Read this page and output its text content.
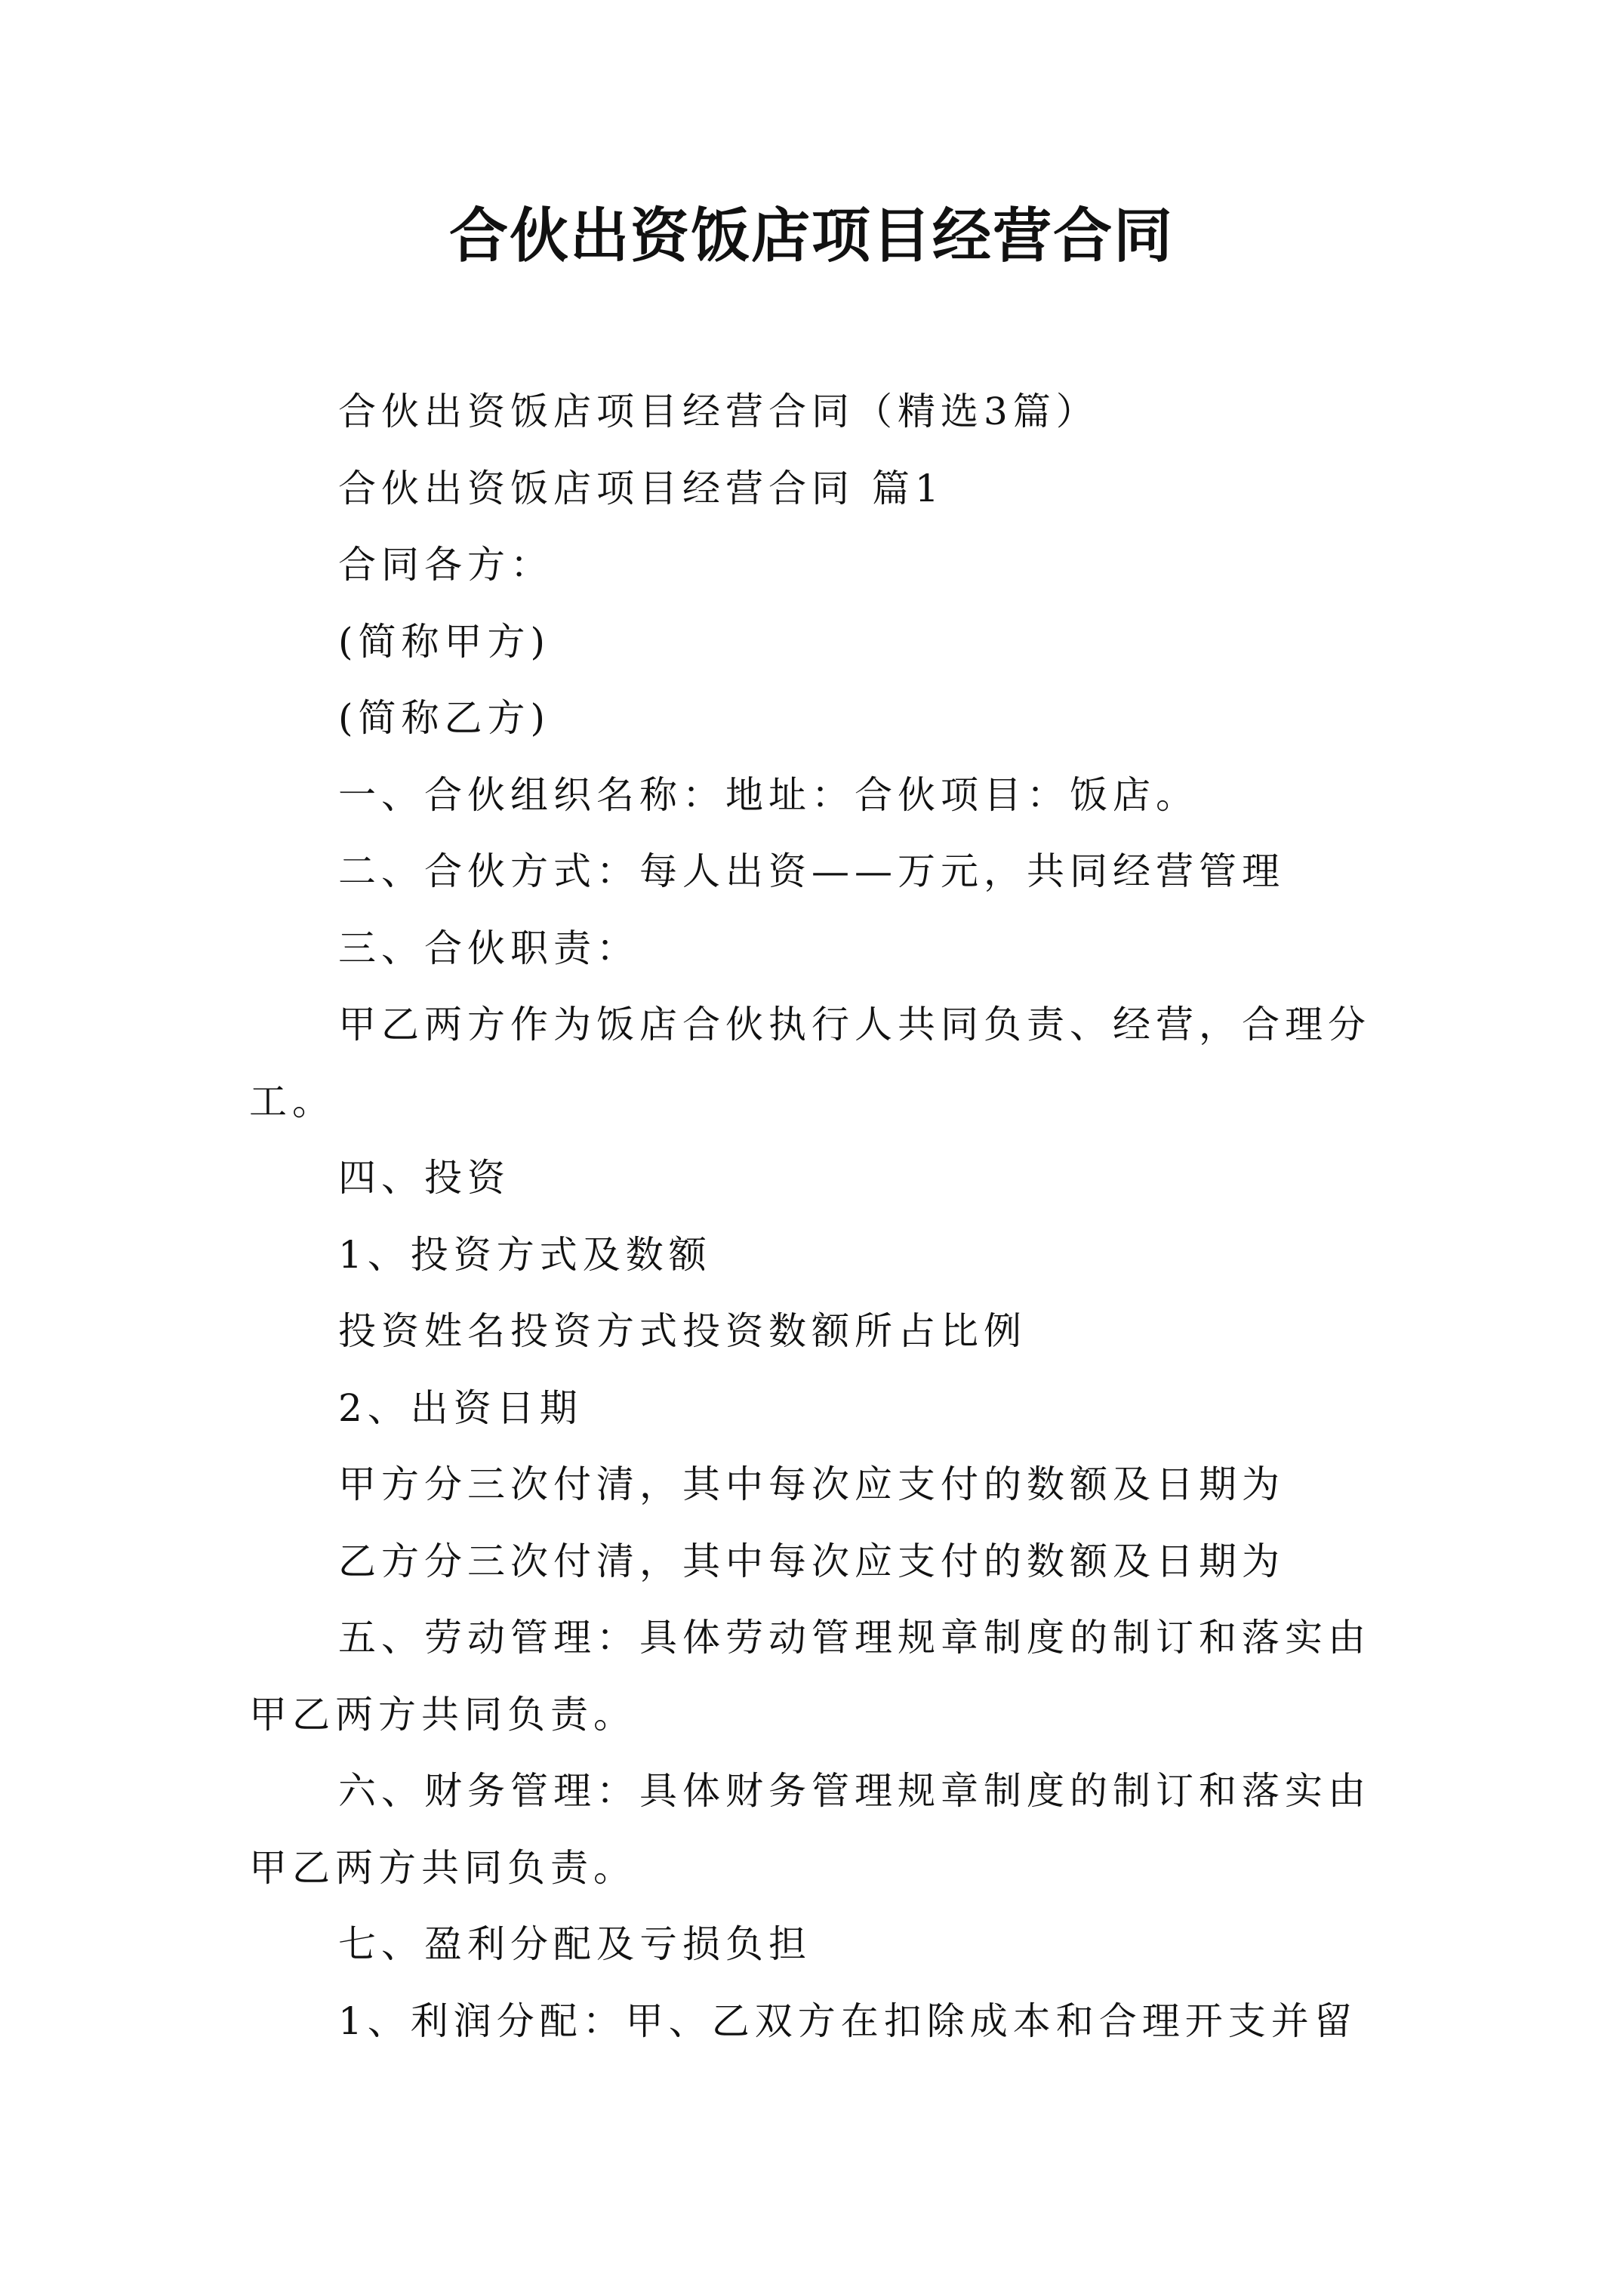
合伙出资饭店项目经营合同

合伙出资饭店项目经营合同（精选3篇）

合伙出资饭店项目经营合同 篇1

合同各方：

(简称甲方)

(简称乙方)

一、合伙组织名称：地址：合伙项目：饭店。

二、合伙方式：每人出资——万元，共同经营管理

三、合伙职责：

甲乙两方作为饭店合伙执行人共同负责、经营，合理分

工。

四、投资

1、投资方式及数额

投资姓名投资方式投资数额所占比例

2、出资日期

甲方分三次付清，其中每次应支付的数额及日期为

乙方分三次付清，其中每次应支付的数额及日期为

五、劳动管理：具体劳动管理规章制度的制订和落实由

甲乙两方共同负责。

六、财务管理：具体财务管理规章制度的制订和落实由

甲乙两方共同负责。

七、盈利分配及亏损负担

1、利润分配：甲、乙双方在扣除成本和合理开支并留
